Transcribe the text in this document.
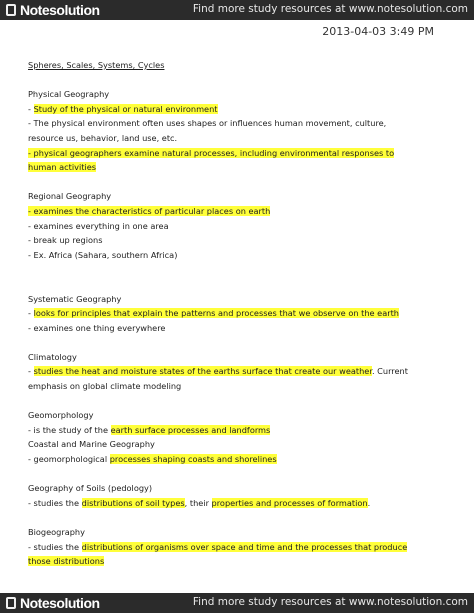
Notesolution	Find more study resources at www.notesolution.com
2013-04-03 3:49 PM
Spheres, Scales, Systems, Cycles
Physical Geography
- Study of the physical or natural environment
- The physical environment often uses shapes or influences human movement, culture,
resource us, behavior, land use, etc.
- physical geographers examine natural processes, including environmental responses to
human activities
Regional Geography
- examines the characteristics of particular places on earth
- examines everything in one area
- break up regions
- Ex. Africa (Sahara, southern Africa)
Systematic Geography
- looks for principles that explain the patterns and processes that we observe on the earth
- examines one thing everywhere
Climatology
- studies the heat and moisture states of the earths surface that create our weather. Current
emphasis on global climate modeling
Geomorphology
- is the study of the earth surface processes and landforms
Coastal and Marine Geography
- geomorphological processes shaping coasts and shorelines
Geography of Soils (pedology)
- studies the distributions of soil types, their properties and processes of formation.
Biogeography
- studies the distributions of organisms over space and time and the processes that produce
those distributions
Notesolution	Find more study resources at www.notesolution.com
